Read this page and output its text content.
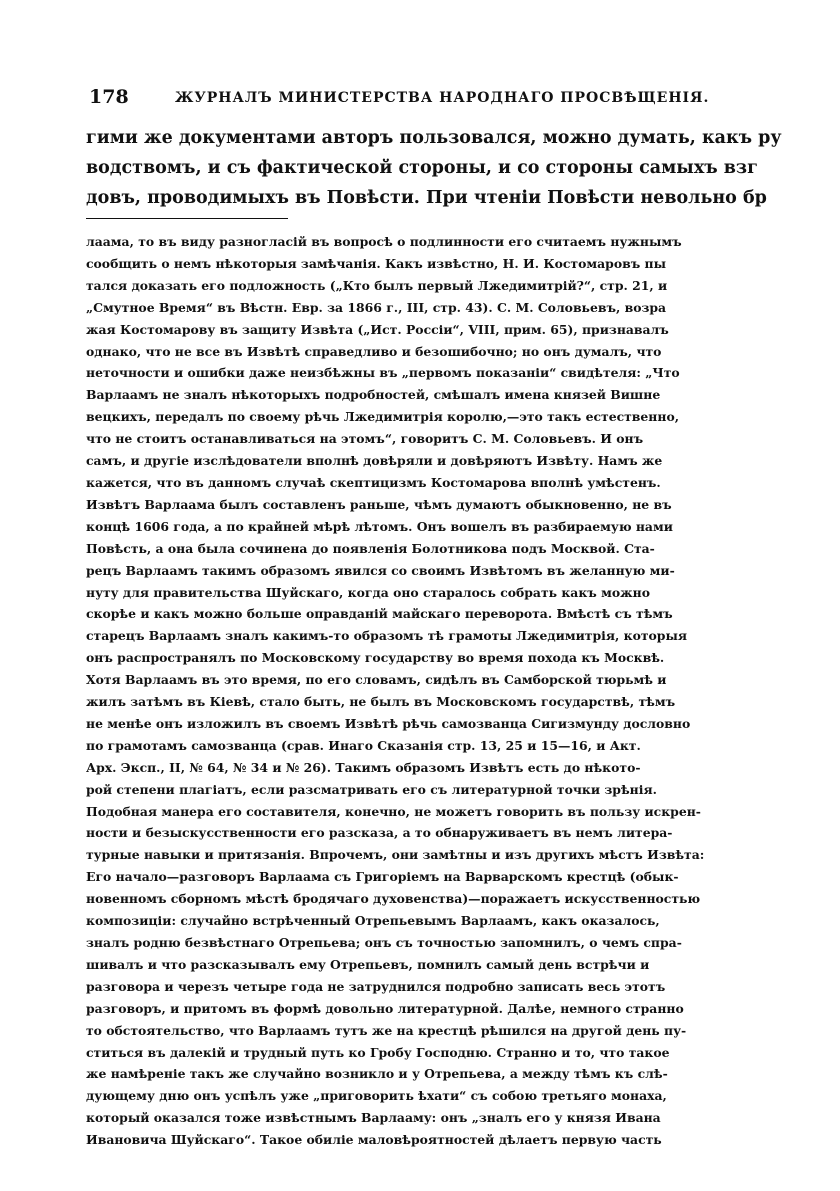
178	ЖУРНАЛЪ МИНИСТЕРСТВА НАРОДНАГО ПРОСВѢЩЕНІЯ.
гими же документами авторъ пользовался, можно думать, какъ ру
водствомъ, и съ фактической стороны, и со стороны самыхъ взг
довъ, проводимыхъ въ Повѣсти. При чтеніи Повѣсти невольно бр
лаама, то въ виду разногласій въ вопросѣ о подлинности его считаемъ нужнымъ
сообщить о немъ нѣкоторыя замѣчанія. Какъ извѣстно, Н. И. Костомаровъ пы
тался доказать его подложность („Кто былъ первый Лжедимитрій?“, стр. 21, и
„Смутное Время“ въ Вѣстн. Евр. за 1866 г., III, стр. 43). С. М. Соловьевъ, возра
жая Костомарову въ защиту Извѣта („Ист. Россіи“, VIII, прим. 65), признавалъ
однако, что не все въ Извѣтѣ справедливо и безошибочно; но онъ думалъ, что
неточности и ошибки даже неизбѣжны въ „первомъ показаніи“ свидѣтеля: „Что
Варлаамъ не зналъ нѣкоторыхъ подробностей, смѣшалъ имена князей Вишне
вецкихъ, передалъ по своему рѣчь Лжедимитрія королю,—это такъ естественно,
что не стоитъ останавливаться на этомъ“, говоритъ С. М. Соловьевъ. И онъ
самъ, и другіе изслѣдователи вполнѣ довѣряли и довѣряютъ Извѣту. Намъ же
кажется, что въ данномъ случаѣ скептицизмъ Костомарова вполнѣ умѣстенъ.
Извѣтъ Варлаама былъ составленъ раньше, чѣмъ думаютъ обыкновенно, не въ
концѣ 1606 года, а по крайней мѣрѣ лѣтомъ. Онъ вошелъ въ разбираемую нами
Повѣсть, а она была сочинена до появленія Болотникова подъ Москвой. Ста-
рецъ Варлаамъ такимъ образомъ явился со своимъ Извѣтомъ въ желанную ми-
нуту для правительства Шуйскаго, когда оно старалось собрать какъ можно
скорѣе и какъ можно больше оправданій майскаго переворота. Вмѣстѣ съ тѣмъ
старецъ Варлаамъ зналъ какимъ-то образомъ тѣ грамоты Лжедимитрія, которыя
онъ распространялъ по Московскому государству во время похода къ Москвѣ.
Хотя Варлаамъ въ это время, по его словамъ, сидѣлъ въ Самборской тюрьмѣ и
жилъ затѣмъ въ Кіевѣ, стало быть, не былъ въ Московскомъ государствѣ, тѣмъ
не менѣе онъ изложилъ въ своемъ Извѣтѣ рѣчь самозванца Сигизмунду дословно
по грамотамъ самозванца (срав. Инаго Сказанія стр. 13, 25 и 15—16, и Акт.
Арх. Эксп., II, № 64, № 34 и № 26). Такимъ образомъ Извѣтъ есть до нѣкото-
рой степени плагіатъ, если разсматривать его съ литературной точки зрѣнія.
Подобная манера его составителя, конечно, не можетъ говорить въ пользу искрен-
ности и безыскусственности его разсказа, а то обнаруживаетъ въ немъ литера-
турные навыки и притязанія. Впрочемъ, они замѣтны и изъ другихъ мѣстъ Извѣта:
Его начало—разговоръ Варлаама съ Григоріемъ на Варварскомъ крестцѣ (обык-
новенномъ сборномъ мѣстѣ бродячаго духовенства)—поражаетъ искусственностью
композиціи: случайно встрѣченный Отрепьевымъ Варлаамъ, какъ оказалось,
зналъ родню безвѣстнаго Отрепьева; онъ съ точностью запомнилъ, о чемъ спра-
шивалъ и что разсказывалъ ему Отрепьевъ, помнилъ самый день встрѣчи и
разговора и черезъ четыре года не затруднился подробно записать весь этотъ
разговоръ, и притомъ въ формѣ довольно литературной. Далѣе, немного странно
то обстоятельство, что Варлаамъ тутъ же на крестцѣ рѣшился на другой день пу-
ститься въ далекій и трудный путь ко Гробу Господню. Странно и то, что такое
же намѣреніе такъ же случайно возникло и у Отрепьева, а между тѣмъ къ слѣ-
дующему дню онъ успѣлъ уже „приговорить ѣхати“ съ собою третьяго монаха,
который оказался тоже извѣстнымъ Варлааму: онъ „зналъ его у князя Ивана
Ивановича Шуйскаго“. Такое обиліе маловѣроятностей дѣлаетъ первую часть
